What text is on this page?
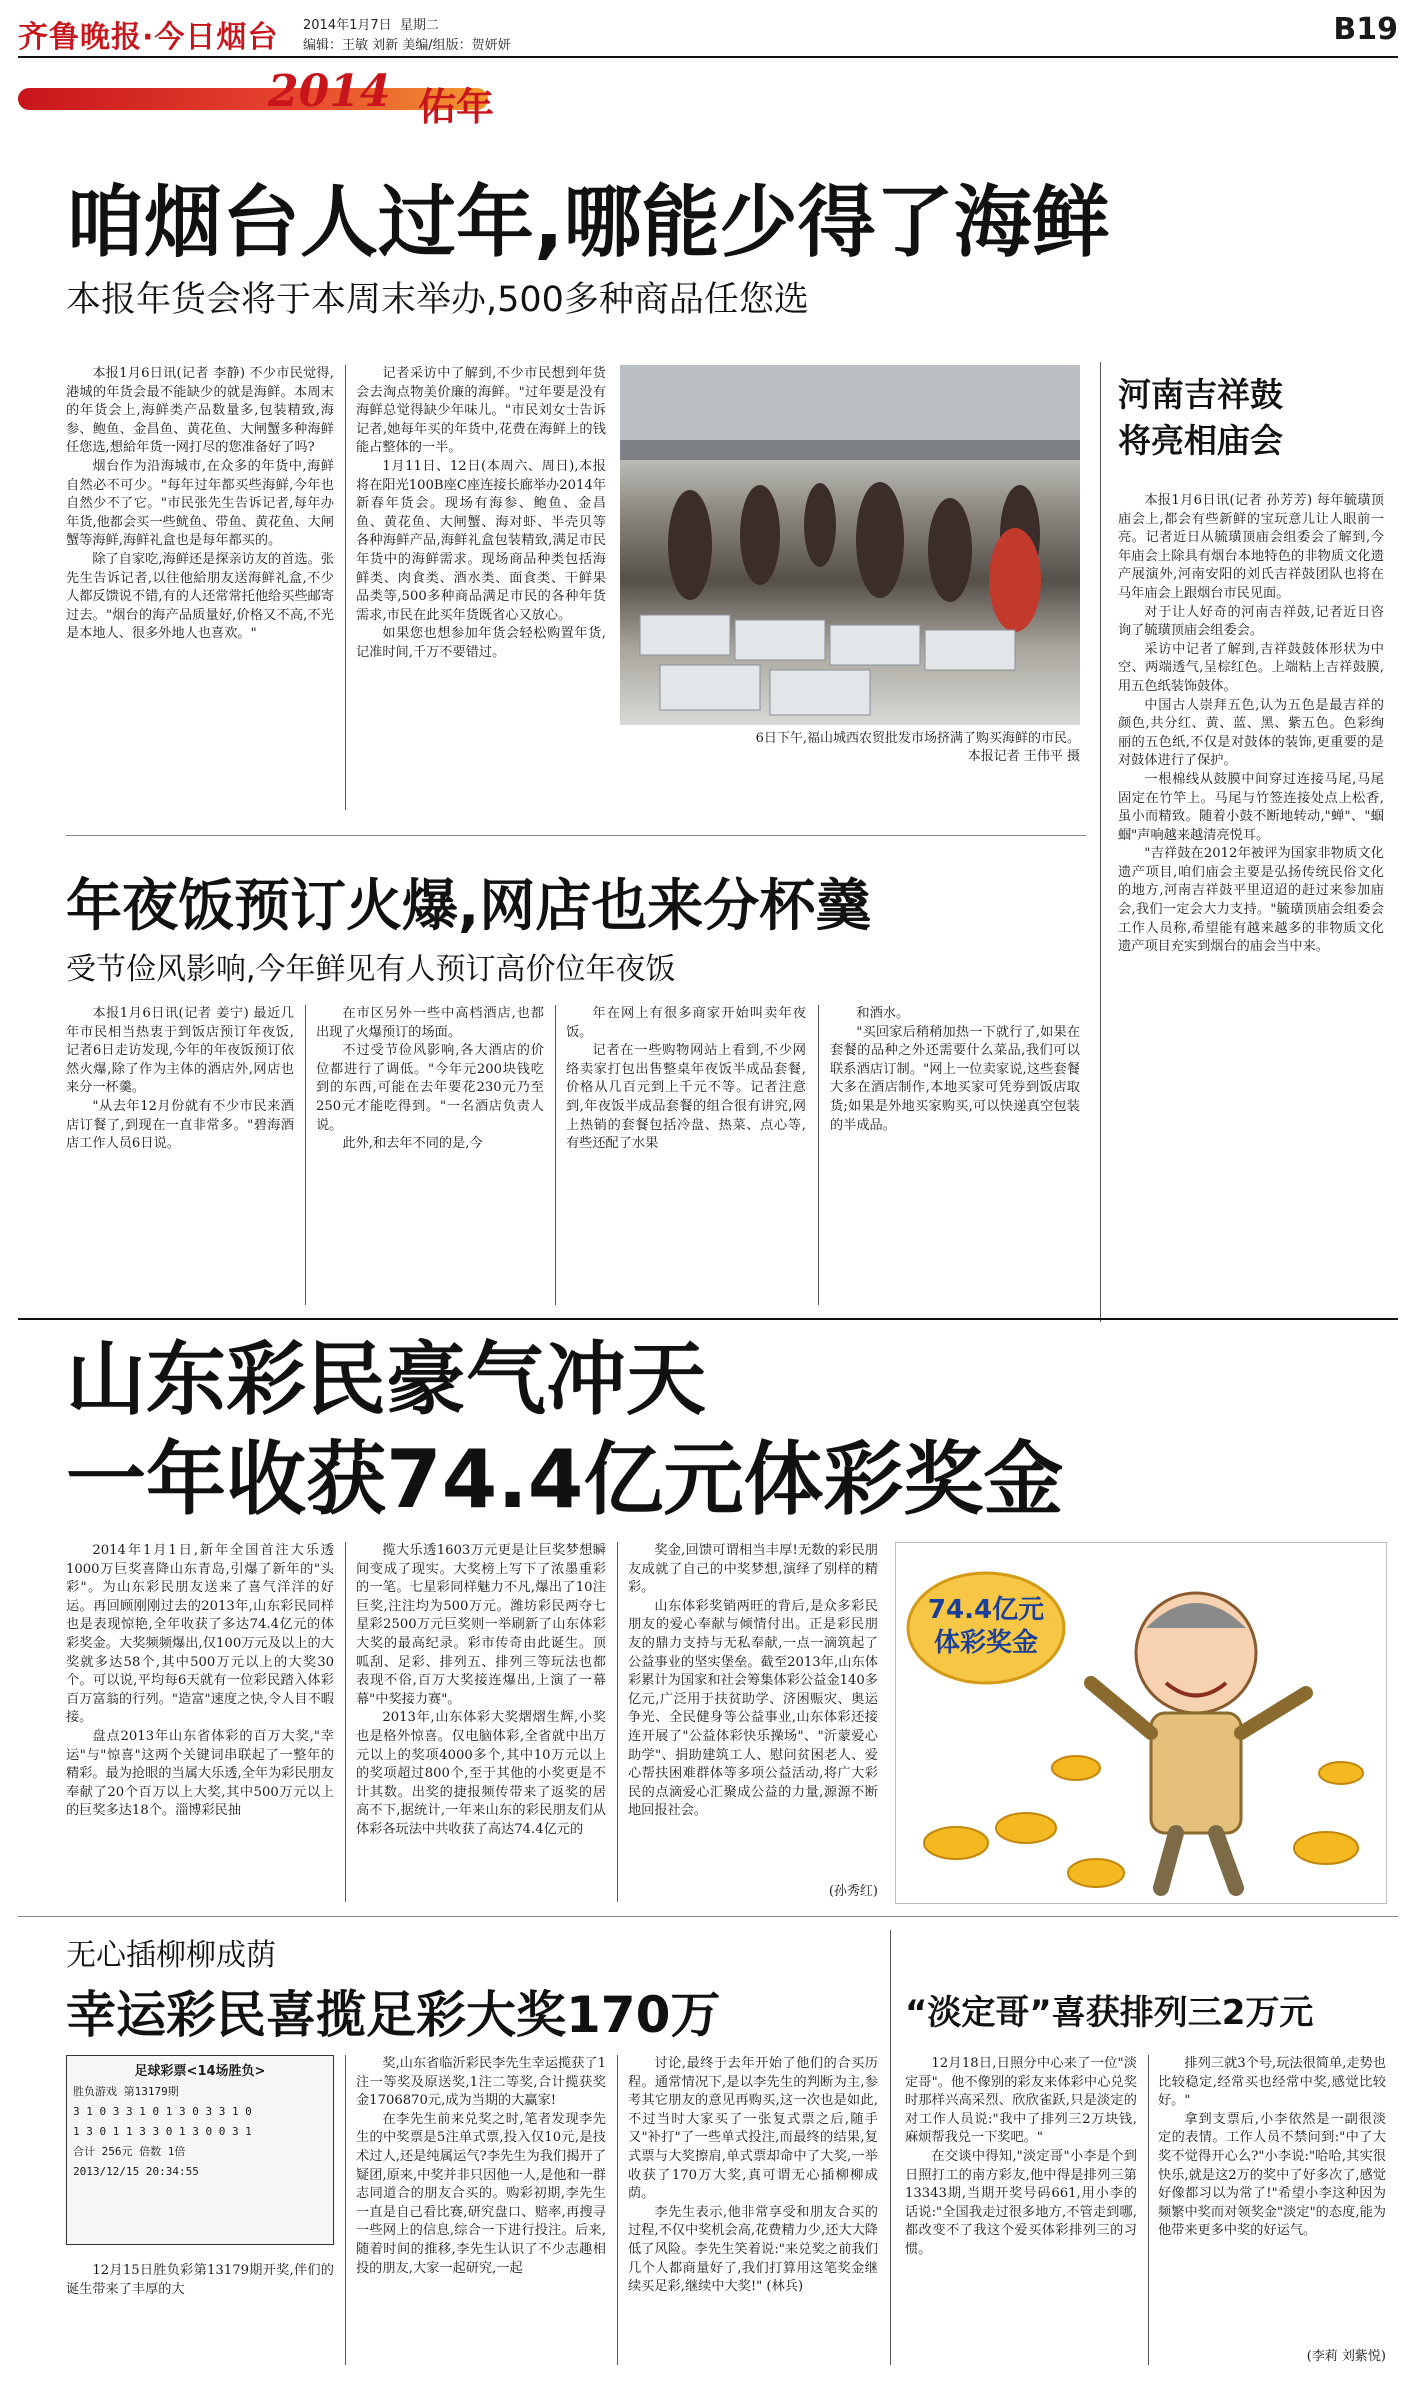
齐鲁晚报·今日烟台 2014年1月7日 星期二
编辑：王敏 刘新 美编/组版：贺妍妍	B19
2014 佑年
咱烟台人过年,哪能少得了海鲜
本报年货会将于本周末举办,500多种商品任您选

本报1月6日讯(记者 李静) 不少市民觉得,港城的年货会最不能缺少的就是海鲜。本周末的年货会上,海鲜类产品数量多,包装精致,海参、鲍鱼、金昌鱼、黄花鱼、大闸蟹多种海鲜任您选,想給年货一网打尽的您准备好了吗?

烟台作为沿海城市,在众多的年货中,海鲜自然必不可少。"每年过年都买些海鲜,今年也自然少不了它。"市民张先生告诉记者,每年办年货,他都会买一些鱿鱼、带鱼、黄花鱼、大闸蟹等海鲜,海鲜礼盒也是每年都买的。

除了自家吃,海鲜还是探亲访友的首选。张先生告诉记者,以往他給朋友送海鲜礼盒,不少人都反馈说不错,有的人还常常托他给买些邮寄过去。"烟台的海产品质量好,价格又不高,不光是本地人、很多外地人也喜欢。"

记者采访中了解到,不少市民想到年货会去淘点物美价廉的海鲜。"过年要是没有海鲜总觉得缺少年味儿。"市民刘女士告诉记者,她每年买的年货中,花费在海鲜上的钱能占整体的一半。

1月11日、12日(本周六、周日),本报将在阳光100B座C座连接长廊举办2014年新春年货会。现场有海参、鲍鱼、金昌鱼、黄花鱼、大闸蟹、海对虾、半壳贝等各种海鲜产品,海鲜礼盒包装精致,满足市民年货中的海鲜需求。现场商品种类包括海鲜类、肉食类、酒水类、面食类、干鲜果品类等,500多种商品满足市民的各种年货需求,市民在此买年货既省心又放心。

如果您也想参加年货会轻松购置年货,记准时间,千万不要错过。

6日下午,福山城西农贸批发市场挤满了购买海鲜的市民。
本报记者 王伟平 摄
河南吉祥鼓
将亮相庙会

本报1月6日讯(记者 孙芳芳) 每年毓璜顶庙会上,都会有些新鲜的宝玩意儿让人眼前一亮。记者近日从毓璜顶庙会组委会了解到,今年庙会上除具有烟台本地特色的非物质文化遗产展演外,河南安阳的刘氏吉祥鼓团队也将在马年庙会上跟烟台市民见面。

对于让人好奇的河南吉祥鼓,记者近日咨询了毓璜顶庙会组委会。

采访中记者了解到,吉祥鼓鼓体形状为中空、两端透气,呈棕红色。上端粘上吉祥鼓膜,用五色纸装饰鼓体。

中国古人崇拜五色,认为五色是最吉祥的颜色,共分红、黄、蓝、黑、紫五色。色彩绚丽的五色纸,不仅是对鼓体的装饰,更重要的是对鼓体进行了保护。

一根棉线从鼓膜中间穿过连接马尾,马尾固定在竹竿上。马尾与竹签连接处点上松香,虽小而精致。随着小鼓不断地转动,"蝉"、"蝈蝈"声响越来越清亮悦耳。

"吉祥鼓在2012年被评为国家非物质文化遗产项目,咱们庙会主要是弘扬传统民俗文化的地方,河南吉祥鼓平里迢迢的赶过来参加庙会,我们一定会大力支持。"毓璜顶庙会组委会工作人员称,希望能有越来越多的非物质文化遗产项目充实到烟台的庙会当中来。

年夜饭预订火爆,网店也来分杯羹
受节俭风影响,今年鲜见有人预订高价位年夜饭

本报1月6日讯(记者 姜宁) 最近几年市民相当热衷于到饭店预订年夜饭,记者6日走访发现,今年的年夜饭预订依然火爆,除了作为主体的酒店外,网店也来分一杯羹。

"从去年12月份就有不少市民来酒店订餐了,到现在一直非常多。"碧海酒店工作人员6日说。

在市区另外一些中高档酒店,也都出现了火爆预订的场面。

不过受节俭风影响,各大酒店的价位都进行了调低。"今年元200块钱吃到的东西,可能在去年要花230元乃至250元才能吃得到。"一名酒店负责人说。

此外,和去年不同的是,今

年在网上有很多商家开始叫卖年夜饭。

记者在一些购物网站上看到,不少网络卖家打包出售整桌年夜饭半成品套餐,价格从几百元到上千元不等。记者注意到,年夜饭半成品套餐的组合很有讲究,网上热销的套餐包括冷盘、热菜、点心等,有些还配了水果

和酒水。

"买回家后稍稍加热一下就行了,如果在套餐的品种之外还需要什么菜品,我们可以联系酒店订制。"网上一位卖家说,这些套餐大多在酒店制作,本地买家可凭券到饭店取货;如果是外地买家购买,可以快递真空包装的半成品。

山东彩民豪气冲天
一年收获74.4亿元体彩奖金

2014年1月1日,新年全国首注大乐透1000万巨奖喜降山东青岛,引爆了新年的"头彩"。为山东彩民朋友送来了喜气洋洋的好运。再回顾刚刚过去的2013年,山东彩民同样也是表现惊艳,全年收获了多达74.4亿元的体彩奖金。大奖频频爆出,仅100万元及以上的大奖就多达58个,其中500万元以上的大奖30个。可以说,平均每6天就有一位彩民踏入体彩百万富翁的行列。"造富"速度之快,令人目不暇接。

盘点2013年山东省体彩的百万大奖,"幸运"与"惊喜"这两个关键词串联起了一整年的精彩。最为抢眼的当属大乐透,全年为彩民朋友奉献了20个百万以上大奖,其中500万元以上的巨奖多达18个。淄博彩民抽

揽大乐透1603万元更是让巨奖梦想瞬间变成了现实。大奖榜上写下了浓墨重彩的一笔。七星彩同样魅力不凡,爆出了10注巨奖,注注均为500万元。潍坊彩民两夺七星彩2500万元巨奖则一举刷新了山东体彩大奖的最高纪录。彩市传奇由此诞生。顶呱刮、足彩、排列五、排列三等玩法也都表现不俗,百万大奖接连爆出,上演了一幕幕"中奖接力赛"。

2013年,山东体彩大奖熠熠生辉,小奖也是格外惊喜。仅电脑体彩,全省就中出万元以上的奖项4000多个,其中10万元以上的奖项超过800个,至于其他的小奖更是不计其数。出奖的捷报频传带来了返奖的居高不下,据统计,一年来山东的彩民朋友们从体彩各玩法中共收获了高达74.4亿元的

奖金,回馈可谓相当丰厚!无数的彩民朋友成就了自己的中奖梦想,演绎了别样的精彩。

山东体彩奖销两旺的背后,是众多彩民朋友的爱心奉献与倾情付出。正是彩民朋友的鼎力支持与无私奉献,一点一滴筑起了公益事业的坚实堡垒。截至2013年,山东体彩累计为国家和社会筹集体彩公益金140多亿元,广泛用于扶贫助学、济困赈灾、奥运争光、全民健身等公益事业,山东体彩还接连开展了"公益体彩快乐操场"、"沂蒙爱心助学"、捐助建筑工人、慰问贫困老人、爱心帮扶困难群体等多项公益活动,将广大彩民的点滴爱心汇聚成公益的力量,源源不断地回报社会。

(孙秀红)
74.4亿元
体彩奖金
无心插柳柳成荫
幸运彩民喜揽足彩大奖170万
足球彩票<14场胜负>
胜负游戏 第13179期
3 1 0 3 3 1 0 1 3 0 3 3 1 0
1 3 0 1 1 3 3 0 1 3 0 0 3 1
合计 256元 倍数 1倍
2013/12/15 20:34:55

12月15日胜负彩第13179期开奖,伴们的诞生带来了丰厚的大

奖,山东省临沂彩民李先生幸运揽获了1注一等奖及原送奖,1注二等奖,合计揽获奖金1706870元,成为当期的大赢家!

在李先生前来兑奖之时,笔者发现李先生的中奖票是5注单式票,投入仅10元,是技术过人,还是纯属运气?李先生为我们揭开了疑团,原来,中奖并非只因他一人,是他和一群志同道合的朋友合买的。购彩初期,李先生一直是自己看比赛,研究盘口、赔率,再搜寻一些网上的信息,综合一下进行投注。后来,随着时间的推移,李先生认识了不少志趣相投的朋友,大家一起研究,一起

讨论,最终于去年开始了他们的合买历程。通常情况下,是以李先生的判断为主,参考其它朋友的意见再购买,这一次也是如此,不过当时大家买了一张复式票之后,随手又"补打"了一些单式投注,而最终的结果,复式票与大奖擦肩,单式票却命中了大奖,一举收获了170万大奖,真可谓无心插柳柳成荫。

李先生表示,他非常享受和朋友合买的过程,不仅中奖机会高,花费精力少,还大大降低了风险。李先生笑着说:"来兑奖之前我们几个人都商量好了,我们打算用这笔奖金继续买足彩,继续中大奖!" (林兵)

“淡定哥”喜获排列三2万元

12月18日,日照分中心来了一位"淡定哥"。他不像别的彩友来体彩中心兑奖时那样兴高采烈、欣欣雀跃,只是淡定的对工作人员说:"我中了排列三2万块钱,麻烦帮我兑一下奖吧。"

在交谈中得知,"淡定哥"小李是个到日照打工的南方彩友,他中得是排列三第13343期,当期开奖号码661,用小李的话说:"全国我走过很多地方,不管走到哪,都改变不了我这个爱买体彩排列三的习惯。

排列三就3个号,玩法很简单,走势也比较稳定,经常买也经常中奖,感觉比较好。"

拿到支票后,小李依然是一副很淡定的表情。工作人员不禁问到:"中了大奖不觉得开心么?"小李说:"哈哈,其实很快乐,就是这2万的奖中了好多次了,感觉好像都习以为常了!"希望小李这种因为频繁中奖而对领奖金"淡定"的态度,能为他带来更多中奖的好运气。

(李莉 刘紫悦)
